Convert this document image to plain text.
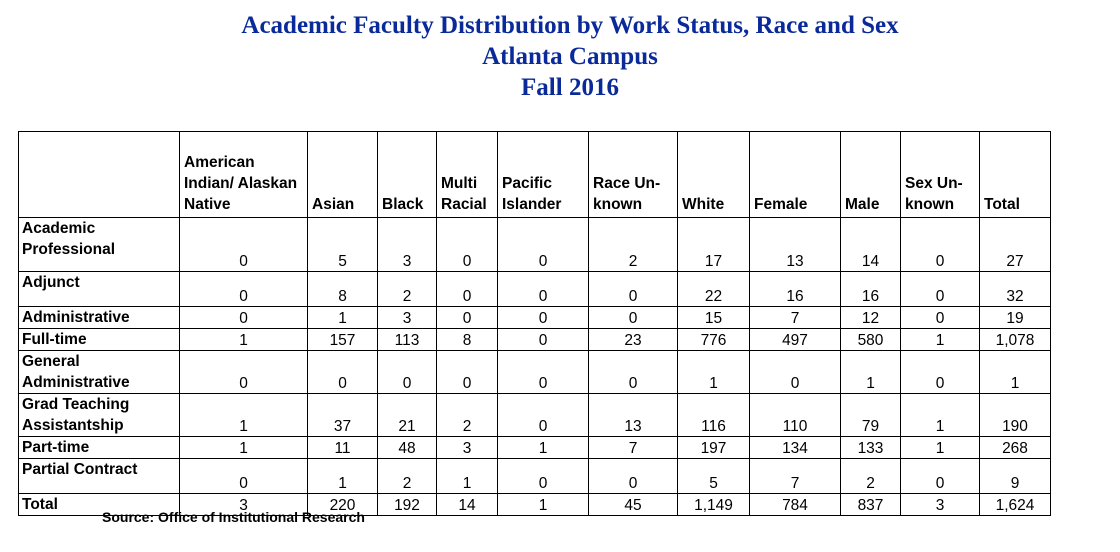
Academic Faculty Distribution by Work Status, Race and Sex
Atlanta Campus
Fall 2016
	American Indian/ Alaskan Native	Asian	Black	Multi Racial	Pacific Islander	Race Un- known	White	Female	Male	Sex Un- known	Total
Academic Professional	0	5	3	0	0	2	17	13	14	0	27
Adjunct	0	8	2	0	0	0	22	16	16	0	32
Administrative	0	1	3	0	0	0	15	7	12	0	19
Full-time	1	157	113	8	0	23	776	497	580	1	1,078
General Administrative	0	0	0	0	0	0	1	0	1	0	1
Grad Teaching Assistantship	1	37	21	2	0	13	116	110	79	1	190
Part-time	1	11	48	3	1	7	197	134	133	1	268
Partial Contract	0	1	2	1	0	0	5	7	2	0	9
Total	3	220	192	14	1	45	1,149	784	837	3	1,624
Source: Office of Institutional Research
